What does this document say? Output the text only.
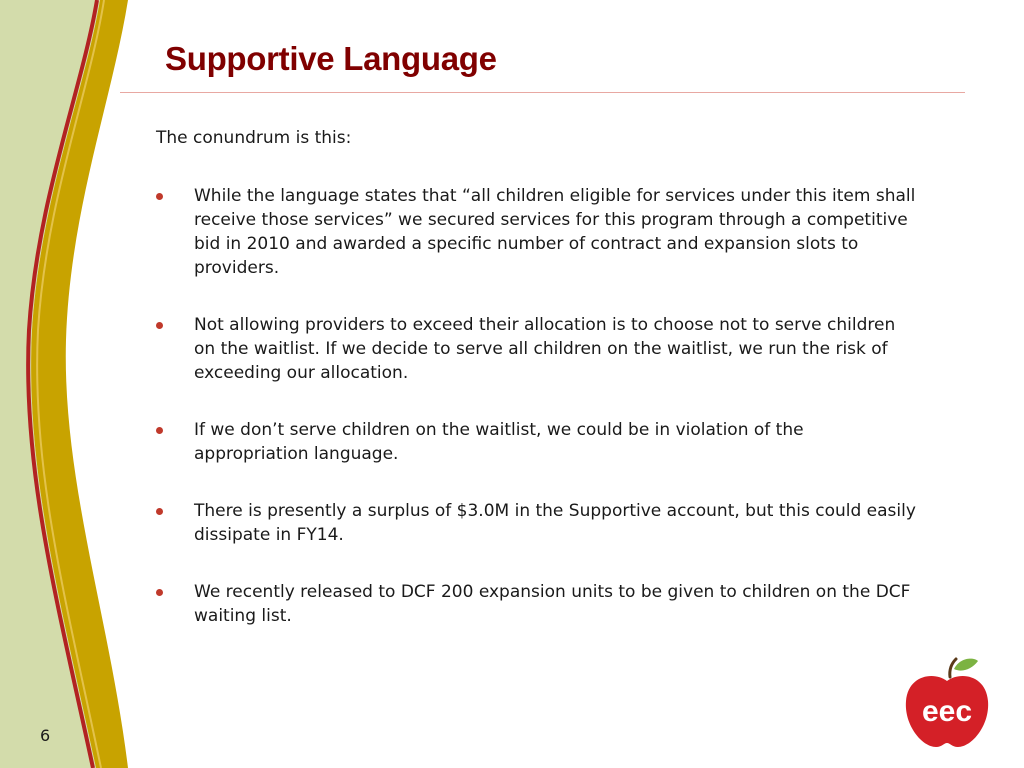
Supportive Language

The conundrum is this:

While the language states that “all children eligible for services under this item shall receive those services” we secured services for this program through a competitive bid in 2010 and awarded a specific number of contract and expansion slots to providers.
Not allowing providers to exceed their allocation is to choose not to serve children on the waitlist. If we decide to serve all children on the waitlist, we run the risk of exceeding our allocation.
If we don’t serve children on the waitlist, we could be in violation of the appropriation language.
There is presently a surplus of $3.0M in the Supportive account, but this could easily dissipate in FY14.
We recently released to DCF 200 expansion units to be given to children on the DCF waiting list.
6
eec
